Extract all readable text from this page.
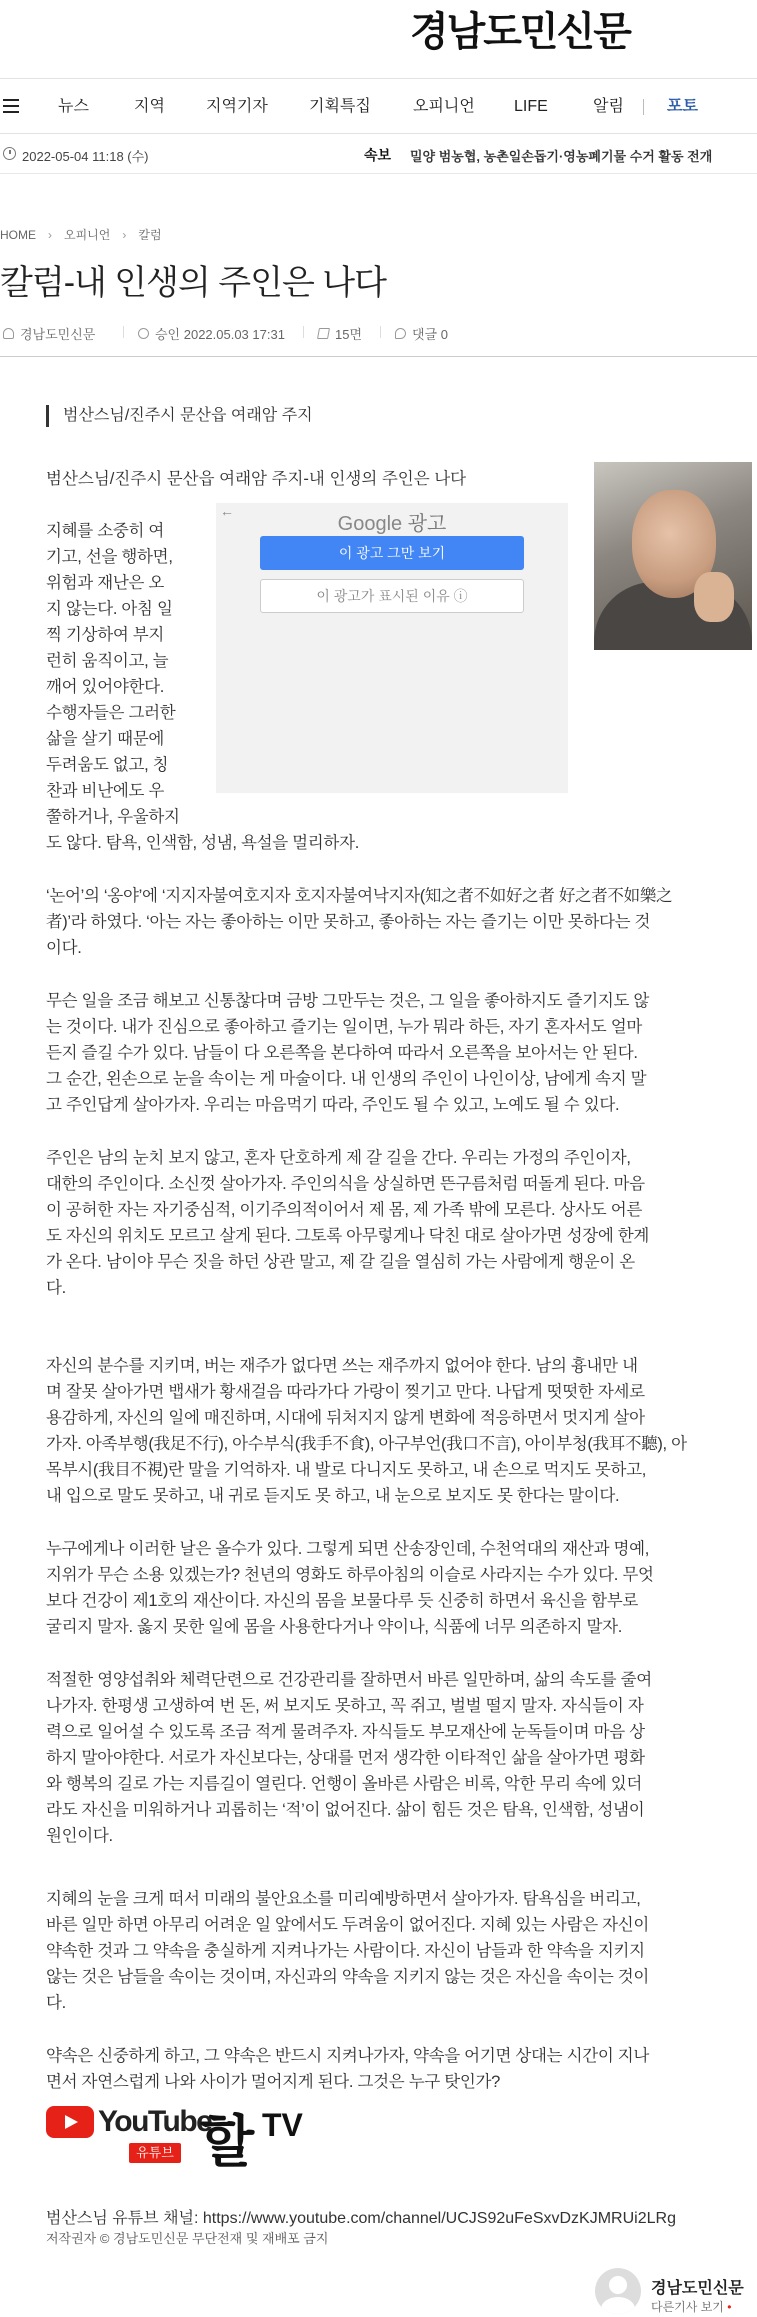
경남도민신문
뉴스	지역	지역기자	기획특집	오피니언 LIFE	알림	포토
2022-05-04 11:18 (수)	속보 밀양 범농협, 농촌일손돕기·영농폐기물 수거 활동 전개
HOME › 오피니언 › 칼럼
칼럼-내 인생의 주인은 나다
경남도민신문	승인 2022.05.03 17:31	15면	댓글 0
범산스님/진주시 문산읍 여래암 주지
범산스님/진주시 문산읍 여래암 주지-내 인생의 주인은 나다
←
Google 광고
이 광고 그만 보기
이 광고가 표시된 이유 ⓘ
지혜를 소중히 여
기고, 선을 행하면,
위험과 재난은 오
지 않는다. 아침 일
찍 기상하여 부지
런히 움직이고, 늘
깨어 있어야한다.
수행자들은 그러한
삶을 살기 때문에
두려움도 없고, 칭
찬과 비난에도 우
쭐하거나, 우울하지
도 않다. 탐욕, 인색함, 성냄, 욕설을 멀리하자.
‘논어’의 ‘옹야’에 ‘지지자불여호지자 호지자불여낙지자(知之者不如好之者 好之者不如樂之
者)’라 하였다. ‘아는 자는 좋아하는 이만 못하고, 좋아하는 자는 즐기는 이만 못하다는 것
이다.
무슨 일을 조금 해보고 신통찮다며 금방 그만두는 것은, 그 일을 좋아하지도 즐기지도 않
는 것이다. 내가 진심으로 좋아하고 즐기는 일이면, 누가 뭐라 하든, 자기 혼자서도 얼마
든지 즐길 수가 있다. 남들이 다 오른쪽을 본다하여 따라서 오른쪽을 보아서는 안 된다.
그 순간, 왼손으로 눈을 속이는 게 마술이다. 내 인생의 주인이 나인이상, 남에게 속지 말
고 주인답게 살아가자. 우리는 마음먹기 따라, 주인도 될 수 있고, 노예도 될 수 있다.
주인은 남의 눈치 보지 않고, 혼자 단호하게 제 갈 길을 간다. 우리는 가정의 주인이자,
대한의 주인이다. 소신껏 살아가자. 주인의식을 상실하면 뜬구름처럼 떠돌게 된다. 마음
이 공허한 자는 자기중심적, 이기주의적이어서 제 몸, 제 가족 밖에 모른다. 상사도 어른
도 자신의 위치도 모르고 살게 된다. 그토록 아무렇게나 닥친 대로 살아가면 성장에 한계
가 온다. 남이야 무슨 짓을 하던 상관 말고, 제 갈 길을 열심히 가는 사람에게 행운이 온
다.
자신의 분수를 지키며, 버는 재주가 없다면 쓰는 재주까지 없어야 한다. 남의 흉내만 내
며 잘못 살아가면 뱁새가 황새걸음 따라가다 가랑이 찢기고 만다. 나답게 떳떳한 자세로
용감하게, 자신의 일에 매진하며, 시대에 뒤처지지 않게 변화에 적응하면서 멋지게 살아
가자. 아족부행(我足不行), 아수부식(我手不食), 아구부언(我口不言), 아이부청(我耳不聽), 아
목부시(我目不視)란 말을 기억하자. 내 발로 다니지도 못하고, 내 손으로 먹지도 못하고,
내 입으로 말도 못하고, 내 귀로 듣지도 못 하고, 내 눈으로 보지도 못 한다는 말이다.
누구에게나 이러한 날은 올수가 있다. 그렇게 되면 산송장인데, 수천억대의 재산과 명예,
지위가 무슨 소용 있겠는가? 천년의 영화도 하루아침의 이슬로 사라지는 수가 있다. 무엇
보다 건강이 제1호의 재산이다. 자신의 몸을 보물다루 듯 신중히 하면서 육신을 함부로
굴리지 말자. 옳지 못한 일에 몸을 사용한다거나 약이나, 식품에 너무 의존하지 말자.
적절한 영양섭취와 체력단련으로 건강관리를 잘하면서 바른 일만하며, 삶의 속도를 줄여
나가자. 한평생 고생하여 번 돈, 써 보지도 못하고, 꼭 쥐고, 벌벌 떨지 말자. 자식들이 자
력으로 일어설 수 있도록 조금 적게 물려주자. 자식들도 부모재산에 눈독들이며 마음 상
하지 말아야한다. 서로가 자신보다는, 상대를 먼저 생각한 이타적인 삶을 살아가면 평화
와 행복의 길로 가는 지름길이 열린다. 언행이 올바른 사람은 비록, 악한 무리 속에 있더
라도 자신을 미워하거나 괴롭히는 ‘적’이 없어진다. 삶이 힘든 것은 탐욕, 인색함, 성냄이
원인이다.
지혜의 눈을 크게 떠서 미래의 불안요소를 미리예방하면서 살아가자. 탐욕심을 버리고,
바른 일만 하면 아무리 어려운 일 앞에서도 두려움이 없어진다. 지혜 있는 사람은 자신이
약속한 것과 그 약속을 충실하게 지켜나가는 사람이다. 자신이 남들과 한 약속을 지키지
않는 것은 남들을 속이는 것이며, 자신과의 약속을 지키지 않는 것은 자신을 속이는 것이
다.
약속은 신중하게 하고, 그 약속은 반드시 지켜나가자, 약속을 어기면 상대는 시간이 지나
면서 자연스럽게 나와 사이가 멀어지게 된다. 그것은 누구 탓인가?
YouTube
유튜브 할 TV
범산스님 유튜브 채널: https://www.youtube.com/channel/UCJS92uFeSxvDzKJMRUi2LRg
저작권자 © 경남도민신문 무단전재 및 재배포 금지
경남도민신문
다른기사 보기 •
